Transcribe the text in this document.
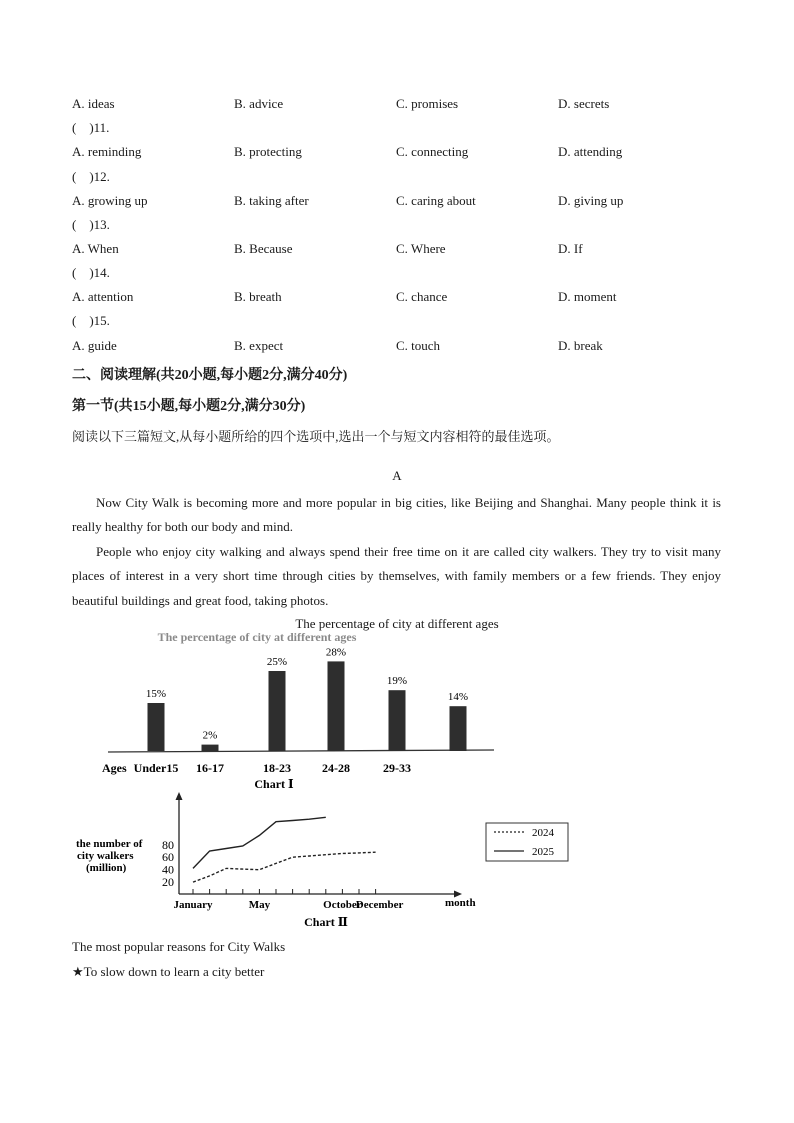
A. ideas	B. advice	C. promises	D. secrets
(    )11.
A. reminding	B. protecting	C. connecting	D. attending
(    )12.
A. growing up	B. taking after	C. caring about	D. giving up
(    )13.
A. When	B. Because	C. Where	D. If
(    )14.
A. attention	B. breath	C. chance	D. moment
(    )15.
A. guide	B. expect	C. touch	D. break
二、阅读理解(共20小题,每小题2分,满分40分)
第一节(共15小题,每小题2分,满分30分)
阅读以下三篇短文,从每小题所给的四个选项中,选出一个与短文内容相符的最佳选项。
A
Now City Walk is becoming more and more popular in big cities, like Beijing and Shanghai. Many people think it is really healthy for both our body and mind.
People who enjoy city walking and always spend their free time on it are called city walkers. They try to visit many places of interest in a very short time through cities by themselves, with family members or a few friends. They enjoy beautiful buildings and great food, taking photos.
The percentage of city at different ages
The percentage of city at different ages
15%
Under15
2%
16-17
25%
18-23
28%
24-28
19%
29-33
14%
Ages
Chart Ⅰ
the number of
city walkers
(million)
20
40
60
80
January	May	October
December	month
Chart Ⅱ
2024
2025
The most popular reasons for City Walks
★To slow down to learn a city better
